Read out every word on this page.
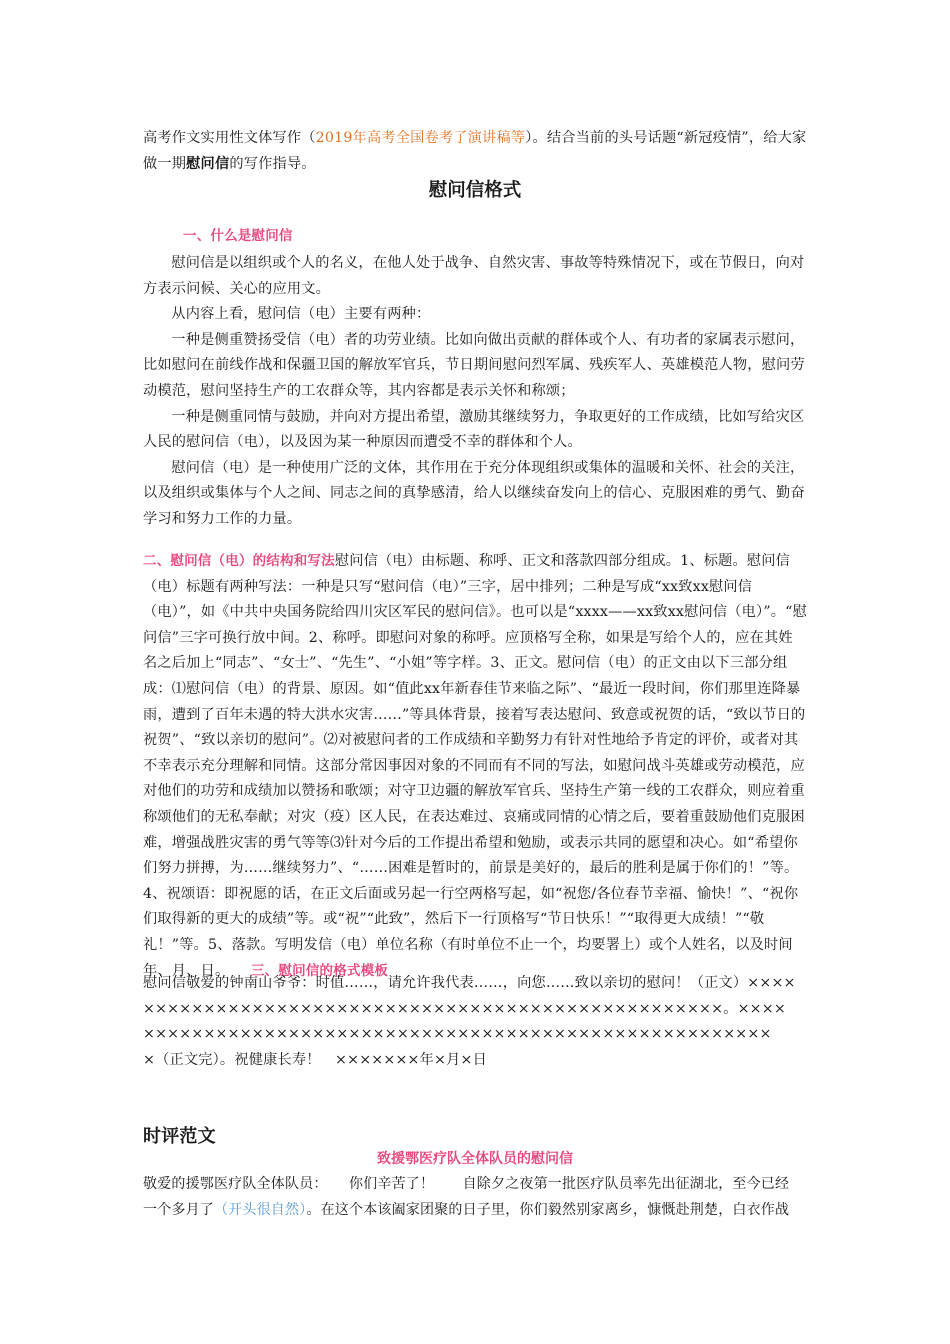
高考作文实用性文体写作（2019年高考全国卷考了演讲稿等）。结合当前的头号话题“新冠疫情”，给大家做一期慰问信的写作指导。
慰问信格式
一、什么是慰问信

慰问信是以组织或个人的名义，在他人处于战争、自然灾害、事故等特殊情况下，或在节假日，向对方表示问候、关心的应用文。

从内容上看，慰问信（电）主要有两种：

一种是侧重赞扬受信（电）者的功劳业绩。比如向做出贡献的群体或个人、有功者的家属表示慰问，比如慰问在前线作战和保疆卫国的解放军官兵，节日期间慰问烈军属、残疾军人、英雄模范人物，慰问劳动模范，慰问坚持生产的工农群众等，其内容都是表示关怀和称颂；

一种是侧重同情与鼓励，并向对方提出希望，激励其继续努力，争取更好的工作成绩，比如写给灾区人民的慰问信（电），以及因为某一种原因而遭受不幸的群体和个人。

慰问信（电）是一种使用广泛的文体，其作用在于充分体现组织或集体的温暖和关怀、社会的关注，以及组织或集体与个人之间、同志之间的真挚感清，给人以继续奋发向上的信心、克服困难的勇气、勤奋学习和努力工作的力量。

二、慰问信（电）的结构和写法慰问信（电）由标题、称呼、正文和落款四部分组成。1、标题。慰问信（电）标题有两种写法：一种是只写“慰问信（电）”三字，居中排列；二种是写成“xx致xx慰问信（电）”，如《中共中央国务院给四川灾区军民的慰问信》。也可以是“xxxx——xx致xx慰问信（电）”。“慰问信”三字可换行放中间。2、称呼。即慰问对象的称呼。应顶格写全称，如果是写给个人的，应在其姓名之后加上“同志”、“女士”、“先生”、“小姐”等字样。3、正文。慰问信（电）的正文由以下三部分组成：⑴慰问信（电）的背景、原因。如“值此xx年新春佳节来临之际”、“最近一段时间，你们那里连降暴雨，遭到了百年未遇的特大洪水灾害……”等具体背景，接着写表达慰问、致意或祝贺的话，“致以节日的祝贺”、“致以亲切的慰问”。⑵对被慰问者的工作成绩和辛勤努力有针对性地给予肯定的评价，或者对其不幸表示充分理解和同情。这部分常因事因对象的不同而有不同的写法，如慰问战斗英雄或劳动模范，应对他们的功劳和成绩加以赞扬和歌颂；对守卫边疆的解放军官兵、坚持生产第一线的工农群众，则应着重称颂他们的无私奉献；对灾（疫）区人民，在表达难过、哀痛或同情的心情之后，要着重鼓励他们克服困难，增强战胜灾害的勇气等等⑶针对今后的工作提出希望和勉励，或表示共同的愿望和决心。如“希望你们努力拼搏，为……继续努力”、“……困难是暂时的，前景是美好的，最后的胜利是属于你们的！”等。4、祝颂语：即祝愿的话，在正文后面或另起一行空两格写起，如“祝您/各位春节幸福、愉快！”、“祝你们取得新的更大的成绩”等。或“祝”“此致”，然后下一行顶格写“节日快乐！”“取得更大成绩！”“敬礼！”等。5、落款。写明发信（电）单位名称（有时单位不止一个，均要署上）或个人姓名，以及时间年、月、日。　　 三、慰问信的格式模板
慰问信敬爱的钟南山爷爷：时值……，请允许我代表……，向您……致以亲切的慰问！（正文）××××
××××××××××××××××××××××××××××××××××××××××××××××××。××××
××××××××××××××××××××××××××××××××××××××××××××××××××××
×（正文完）。祝健康长寿！　×××××××年×月×日
时评范文
致援鄂医疗队全体队员的慰问信
敬爱的援鄂医疗队全体队员：　　你们辛苦了！　　自除夕之夜第一批医疗队员率先出征湖北，至今已经
一个多月了（开头很自然）。在这个本该阖家团聚的日子里，你们毅然别家离乡，慷慨赴荆楚，白衣作战
